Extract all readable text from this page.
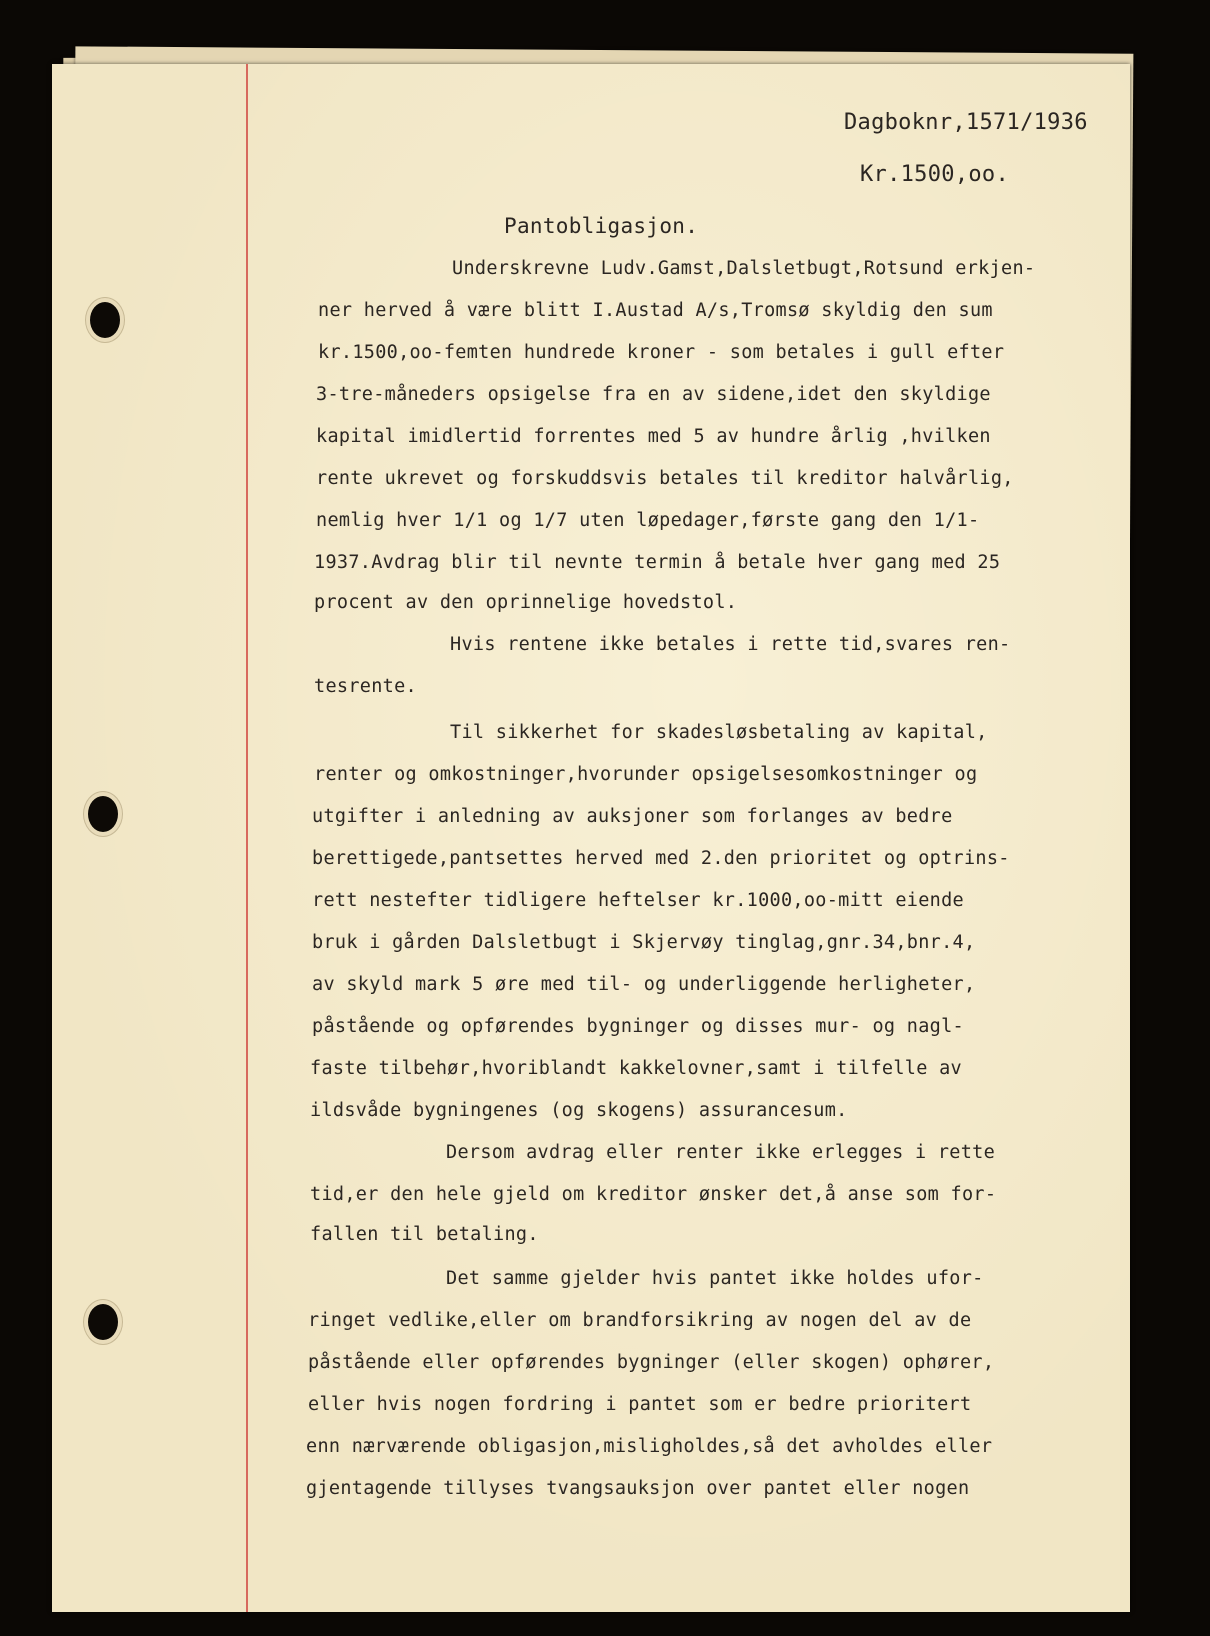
Dagboknr,1571/1936

Kr.1500,oo.

Pantobligasjon.

Underskrevne Ludv.Gamst,Dalsletbugt,Rotsund erkjen-

ner herved å være blitt I.Austad A/s,Tromsø skyldig den sum

kr.1500,oo-femten hundrede kroner - som betales i gull efter

3-tre-måneders opsigelse fra en av sidene,idet den skyldige

kapital imidlertid forrentes med 5 av hundre årlig ,hvilken

rente ukrevet og forskuddsvis betales til kreditor halvårlig,

nemlig hver 1/1 og 1/7 uten løpedager,første gang den 1/1-

1937.Avdrag blir til nevnte termin å betale hver gang med 25

procent av den oprinnelige hovedstol.

Hvis rentene ikke betales i rette tid,svares ren-

tesrente.

Til sikkerhet for skadesløsbetaling av kapital,

renter og omkostninger,hvorunder opsigelsesomkostninger og

utgifter i anledning av auksjoner som forlanges av bedre

berettigede,pantsettes herved med 2.den prioritet og optrins-

rett nestefter tidligere heftelser kr.1000,oo-mitt eiende

bruk i gården Dalsletbugt i Skjervøy tinglag,gnr.34,bnr.4,

av skyld mark 5 øre med til- og underliggende herligheter,

påstående og opførendes bygninger og disses mur- og nagl-

faste tilbehør,hvoriblandt kakkelovner,samt i tilfelle av

ildsvåde bygningenes (og skogens) assurancesum.

Dersom avdrag eller renter ikke erlegges i rette

tid,er den hele gjeld om kreditor ønsker det,å anse som for-

fallen til betaling.

Det samme gjelder hvis pantet ikke holdes ufor-

ringet vedlike,eller om brandforsikring av nogen del av de

påstående eller opførendes bygninger (eller skogen) ophører,

eller hvis nogen fordring i pantet som er bedre prioritert

enn nærværende obligasjon,misligholdes,så det avholdes eller

gjentagende tillyses tvangsauksjon over pantet eller nogen
